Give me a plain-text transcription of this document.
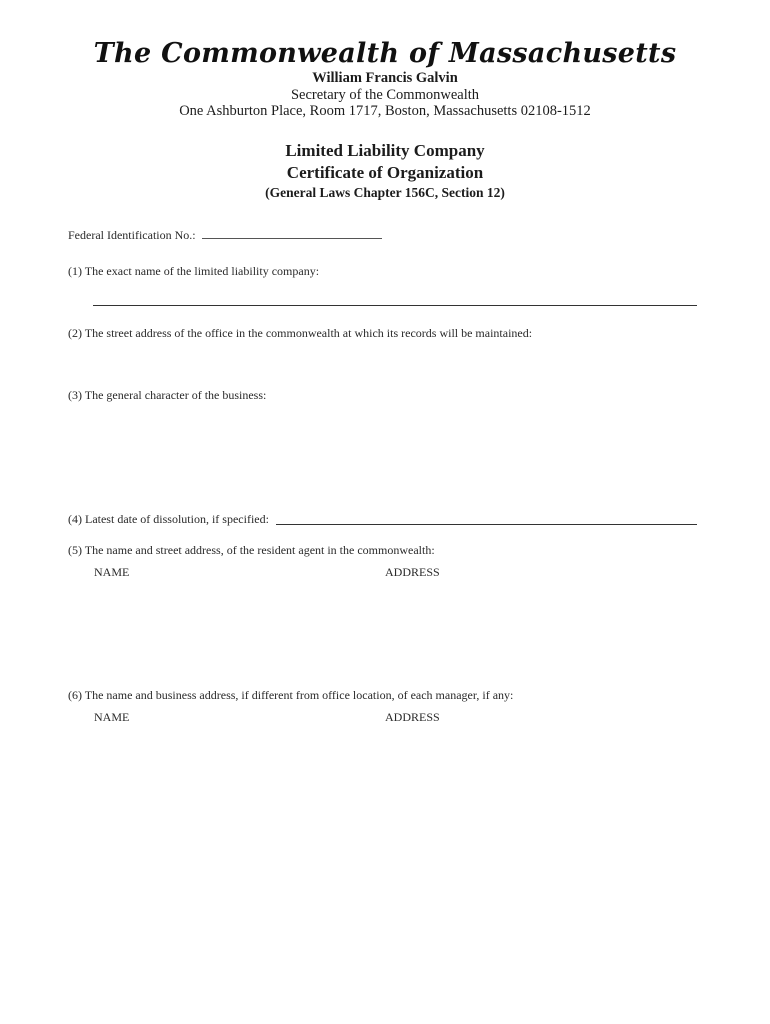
The Commonwealth of Massachusetts
William Francis Galvin
Secretary of the Commonwealth
One Ashburton Place, Room 1717, Boston, Massachusetts 02108-1512
Limited Liability Company
Certificate of Organization
(General Laws Chapter 156C, Section 12)
Federal Identification No.:
(1) The exact name of the limited liability company:
(2) The street address of the office in the commonwealth at which its records will be maintained:
(3) The general character of the business:
(4) Latest date of dissolution, if specified:
(5) The name and street address, of the resident agent in the commonwealth:
NAME	ADDRESS
(6) The name and business address, if different from office location, of each manager, if any:
NAME	ADDRESS
